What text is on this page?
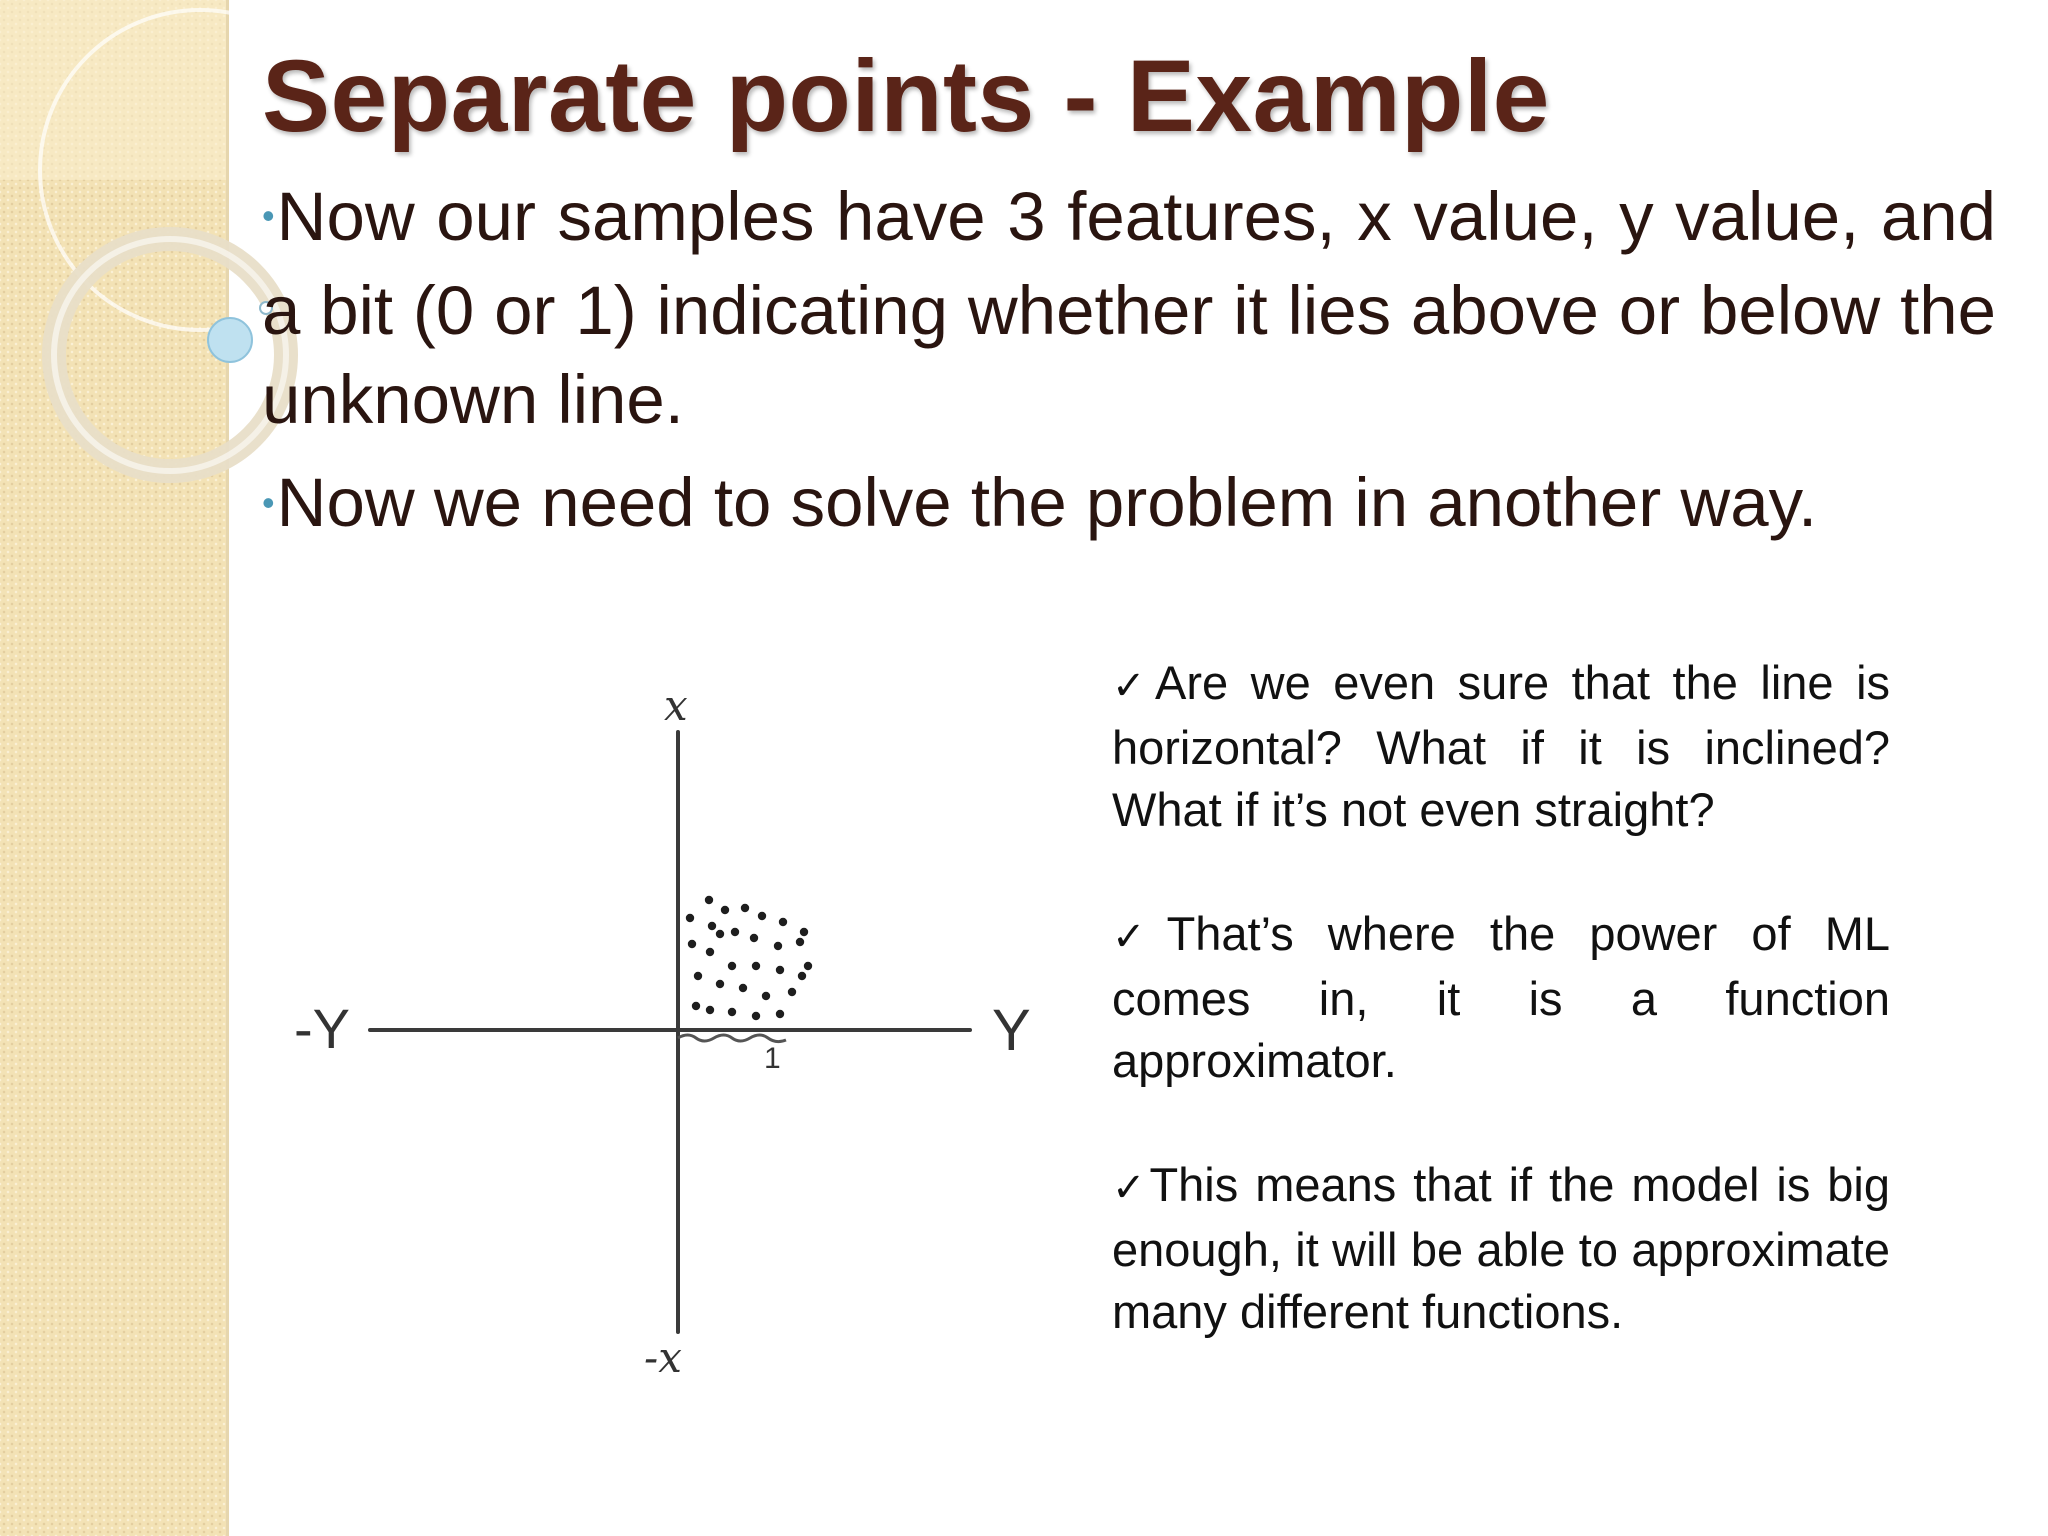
Separate points - Example
•Now our samples have 3 features, x value, y value, and a bit (0 or 1) indicating whether it lies above or below the unknown line.
•Now we need to solve the problem in another way.
1
x
-x
-Y	Y

✓Are we even sure that the line is horizontal? What if it is inclined? What if it’s not even straight?

✓That’s where the power of ML comes in, it is a function approximator.

✓This means that if the model is big enough, it will be able to approximate many different functions.
